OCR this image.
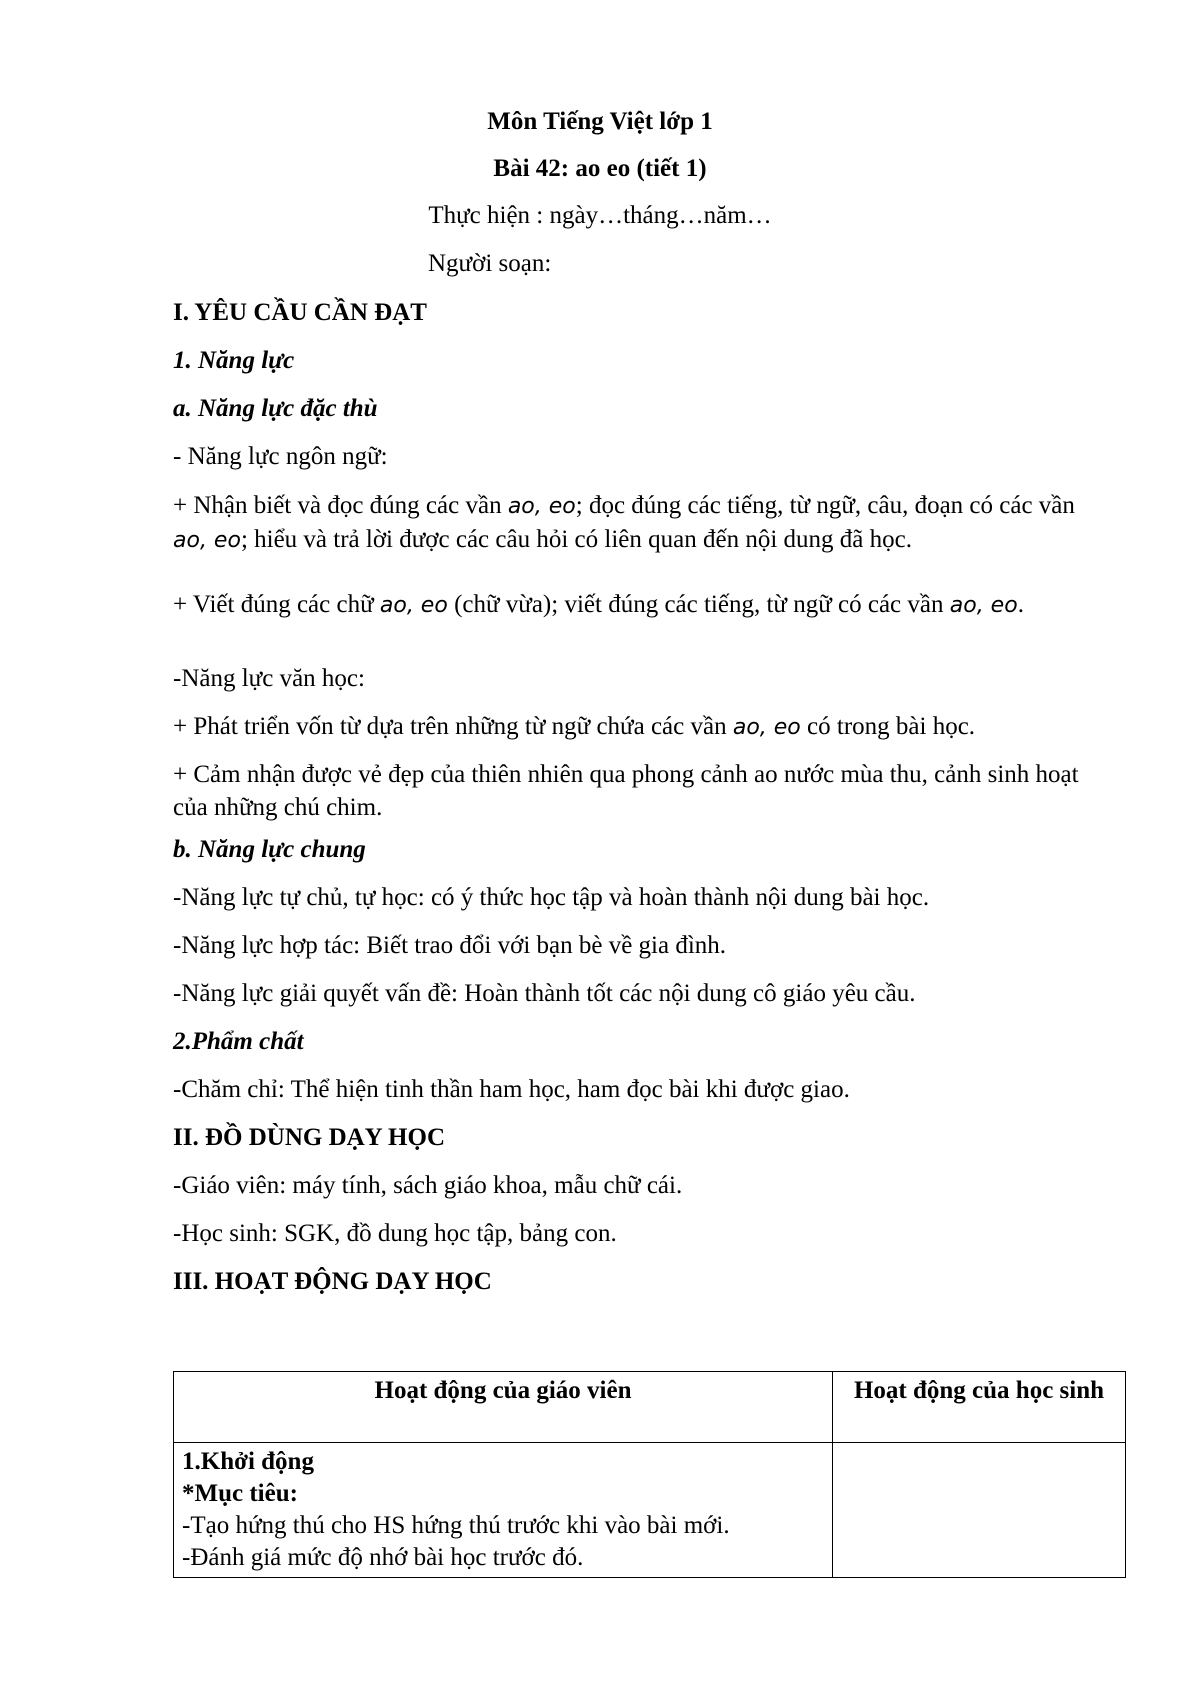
Môn Tiếng Việt lớp 1
Bài 42: ao eo (tiết 1)
Thực hiện : ngày…tháng…năm…
Người soạn:
I. YÊU CẦU CẦN ĐẠT
1. Năng lực
a. Năng lực đặc thù
- Năng lực ngôn ngữ:
+ Nhận biết và đọc đúng các vần ao, eo; đọc đúng các tiếng, từ ngữ, câu, đoạn có các vần ao, eo; hiểu và trả lời được các câu hỏi có liên quan đến nội dung đã học.
+ Viết đúng các chữ ao, eo (chữ vừa); viết đúng các tiếng, từ ngữ có các vần ao, eo.
-Năng lực văn học:
+ Phát triển vốn từ dựa trên những từ ngữ chứa các vần ao, eo có trong bài học.
+ Cảm nhận được vẻ đẹp của thiên nhiên qua phong cảnh ao nước mùa thu, cảnh sinh hoạt của những chú chim.
b. Năng lực chung
-Năng lực tự chủ, tự học: có ý thức học tập và hoàn thành nội dung bài học.
-Năng lực hợp tác: Biết trao đổi với bạn bè về gia đình.
-Năng lực giải quyết vấn đề: Hoàn thành tốt các nội dung cô giáo yêu cầu.
2.Phẩm chất
-Chăm chỉ: Thể hiện tinh thần ham học, ham đọc bài khi được giao.
II. ĐỒ DÙNG DẠY HỌC
-Giáo viên: máy tính, sách giáo khoa, mẫu chữ cái.
-Học sinh: SGK, đồ dung học tập, bảng con.
III. HOẠT ĐỘNG DẠY HỌC
Hoạt động của giáo viên	Hoạt động của học sinh

1.Khởi động
*Mục tiêu:
-Tạo hứng thú cho HS hứng thú trước khi vào bài mới.
-Đánh giá mức độ nhớ bài học trước đó.	
